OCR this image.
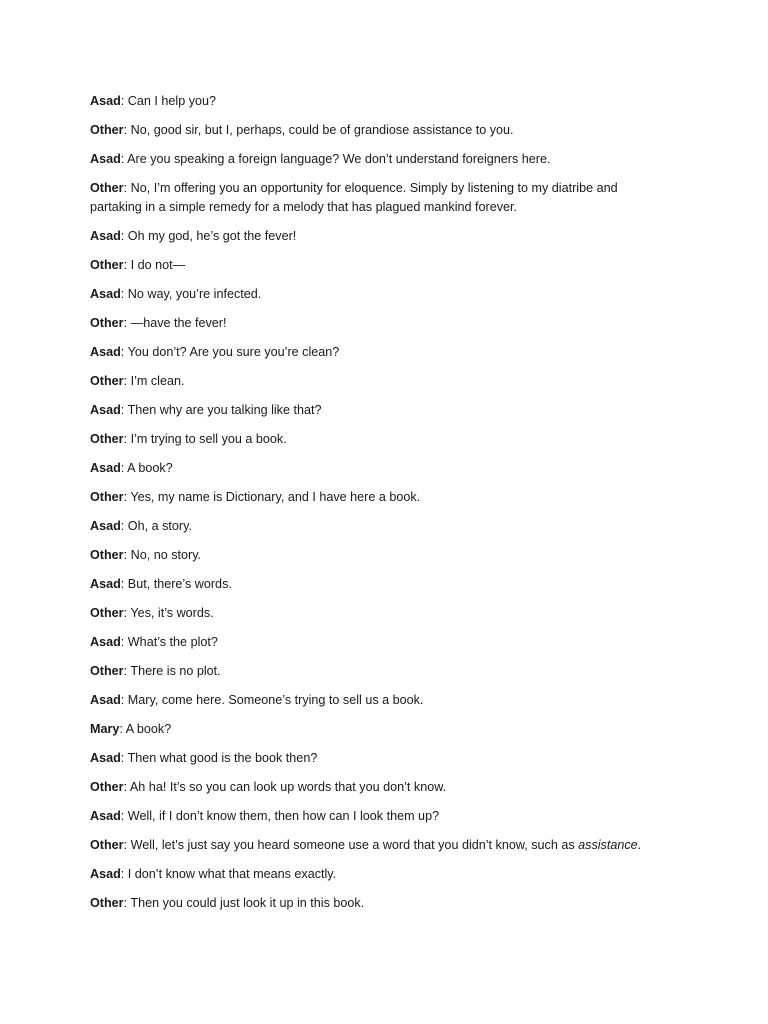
Asad: Can I help you?

Other: No, good sir, but I, perhaps, could be of grandiose assistance to you.

Asad: Are you speaking a foreign language? We don’t understand foreigners here.

Other: No, I’m offering you an opportunity for eloquence. Simply by listening to my diatribe and partaking in a simple remedy for a melody that has plagued mankind forever.

Asad: Oh my god, he’s got the fever!

Other: I do not—

Asad: No way, you’re infected.

Other: —have the fever!

Asad: You don’t? Are you sure you’re clean?

Other: I’m clean.

Asad: Then why are you talking like that?

Other: I’m trying to sell you a book.

Asad: A book?

Other: Yes, my name is Dictionary, and I have here a book.

Asad: Oh, a story.

Other: No, no story.

Asad: But, there’s words.

Other: Yes, it’s words.

Asad: What’s the plot?

Other: There is no plot.

Asad: Mary, come here. Someone’s trying to sell us a book.

Mary: A book?

Asad: Then what good is the book then?

Other: Ah ha! It’s so you can look up words that you don’t know.

Asad: Well, if I don’t know them, then how can I look them up?

Other: Well, let’s just say you heard someone use a word that you didn’t know, such as assistance.

Asad: I don’t know what that means exactly.

Other: Then you could just look it up in this book.
